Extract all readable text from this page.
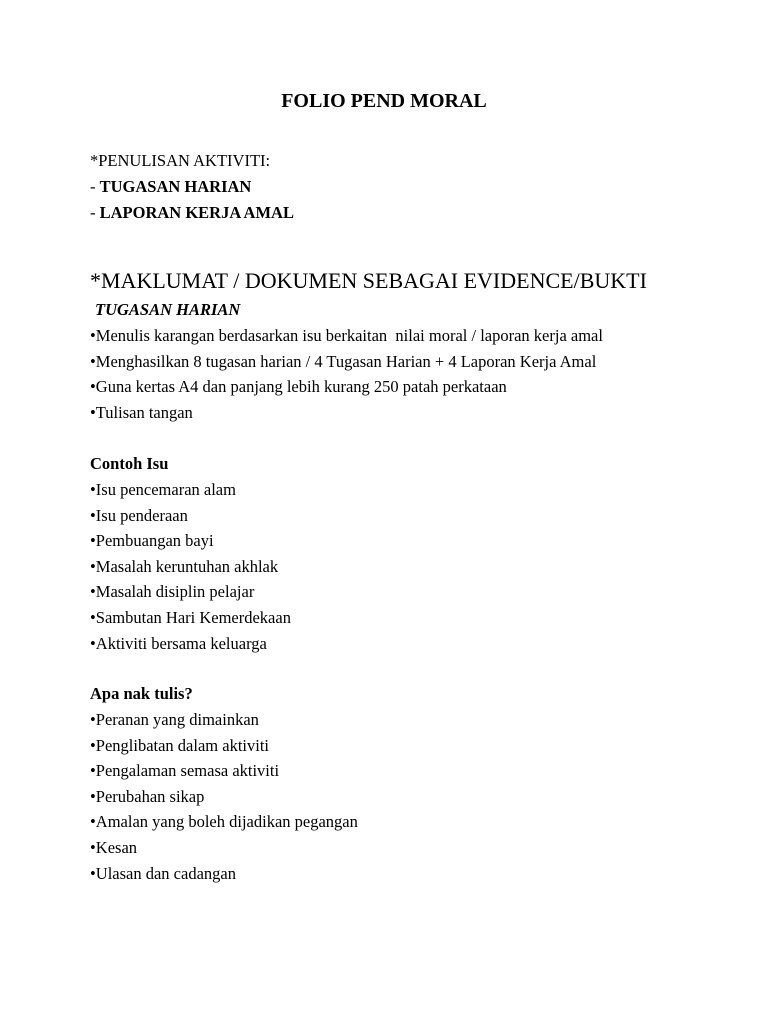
FOLIO PEND MORAL
*PENULISAN AKTIVITI:
- TUGASAN HARIAN
- LAPORAN KERJA AMAL
*MAKLUMAT / DOKUMEN SEBAGAI EVIDENCE/BUKTI
TUGASAN HARIAN
•Menulis karangan berdasarkan isu berkaitan  nilai moral / laporan kerja amal
•Menghasilkan 8 tugasan harian / 4 Tugasan Harian + 4 Laporan Kerja Amal
•Guna kertas A4 dan panjang lebih kurang 250 patah perkataan
•Tulisan tangan
Contoh Isu
•Isu pencemaran alam
•Isu penderaan
•Pembuangan bayi
•Masalah keruntuhan akhlak
•Masalah disiplin pelajar
•Sambutan Hari Kemerdekaan
•Aktiviti bersama keluarga
Apa nak tulis?
•Peranan yang dimainkan
•Penglibatan dalam aktiviti
•Pengalaman semasa aktiviti
•Perubahan sikap
•Amalan yang boleh dijadikan pegangan
•Kesan
•Ulasan dan cadangan
